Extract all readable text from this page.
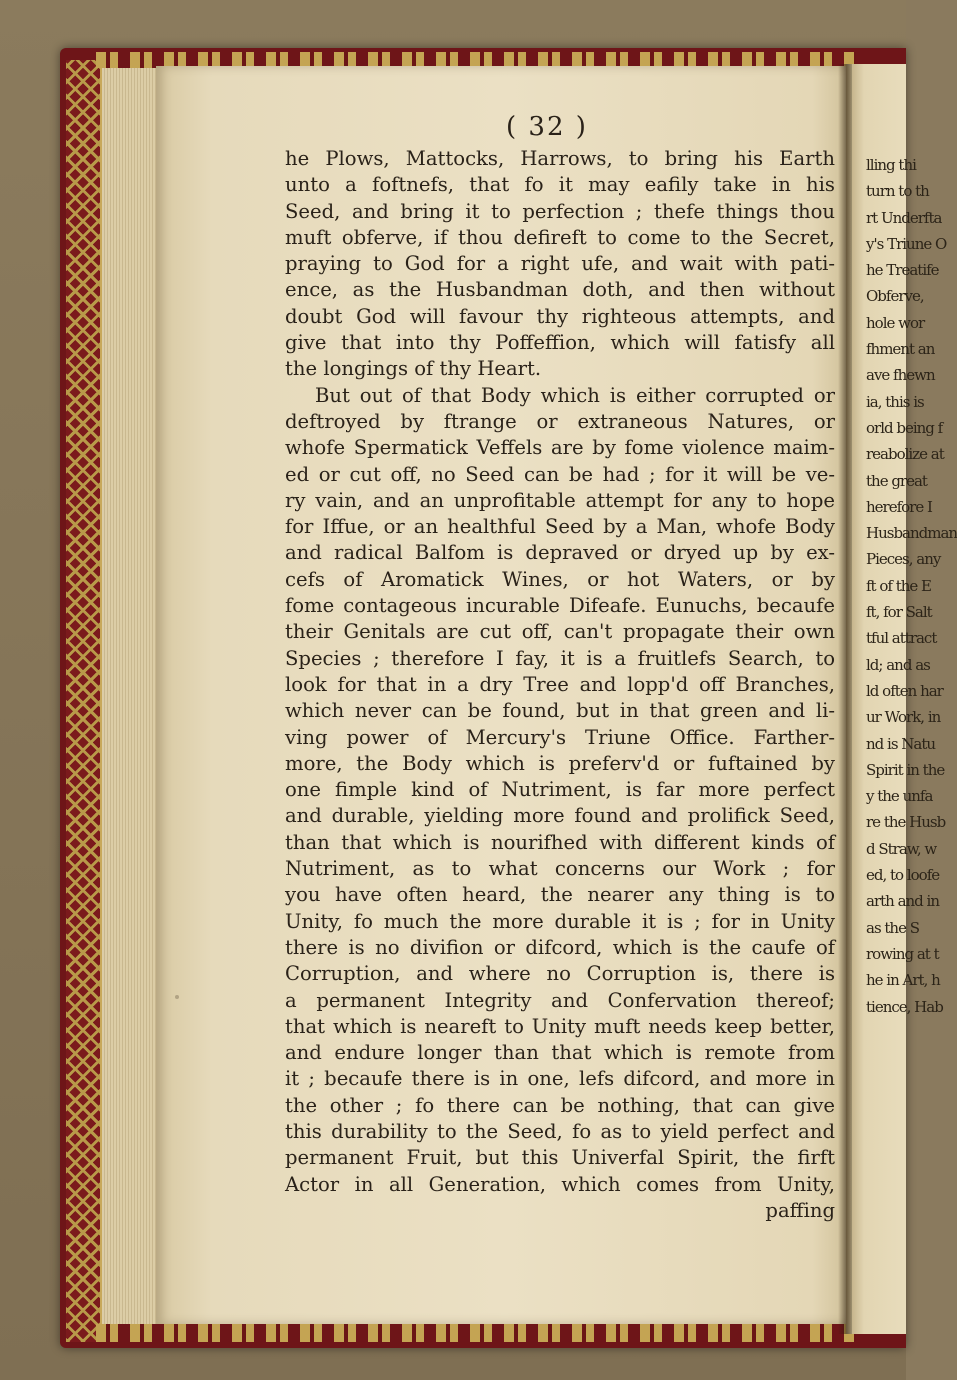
lling thi
turn to th
rt Underfta
y's Triune O
he Treatife
Obferve,
hole wor
fhment an
ave fhewn
ia, this is
orld being f
reabolize at
the great
herefore I
Husbandman
Pieces, any
ft of the E
ft, for Salt
tful attract
ld; and as
ld often har
ur Work, in
nd is Natu
Spirit in the
y the unfa
re the Husb
d Straw, w
ed, to loofe
arth and in
as the S
rowing at t
he in Art, h
tience, Hab
( 32 )
he Plows, Mattocks, Harrows, to bring his Earth
unto a foftnefs, that fo it may eafily take in his
Seed, and bring it to perfection ; thefe things thou
muft obferve, if thou defireft to come to the Secret,
praying to God for a right ufe, and wait with pati-
ence, as the Husbandman doth, and then without
doubt God will favour thy righteous attempts, and
give that into thy Poffeffion, which will fatisfy all
the longings of thy Heart.
But out of that Body which is either corrupted or
deftroyed by ftrange or extraneous Natures, or
whofe Spermatick Veffels are by fome violence maim-
ed or cut off, no Seed can be had ; for it will be ve-
ry vain, and an unprofitable attempt for any to hope
for Iffue, or an healthful Seed by a Man, whofe Body
and radical Balfom is depraved or dryed up by ex-
cefs of Aromatick Wines, or hot Waters, or by
fome contageous incurable Difeafe. Eunuchs, becaufe
their Genitals are cut off, can't propagate their own
Species ; therefore I fay, it is a fruitlefs Search, to
look for that in a dry Tree and lopp'd off Branches,
which never can be found, but in that green and li-
ving power of Mercury's Triune Office. Farther-
more, the Body which is preferv'd or fuftained by
one fimple kind of Nutriment, is far more perfect
and durable, yielding more found and prolifick Seed,
than that which is nourifhed with different kinds of
Nutriment, as to what concerns our Work ; for
you have often heard, the nearer any thing is to
Unity, fo much the more durable it is ; for in Unity
there is no divifion or difcord, which is the caufe of
Corruption, and where no Corruption is, there is
a permanent Integrity and Confervation thereof;
that which is neareft to Unity muft needs keep better,
and endure longer than that which is remote from
it ; becaufe there is in one, lefs difcord, and more in
the other ; fo there can be nothing, that can give
this durability to the Seed, fo as to yield perfect and
permanent Fruit, but this Univerfal Spirit, the firft
Actor in all Generation, which comes from Unity,
paffing
